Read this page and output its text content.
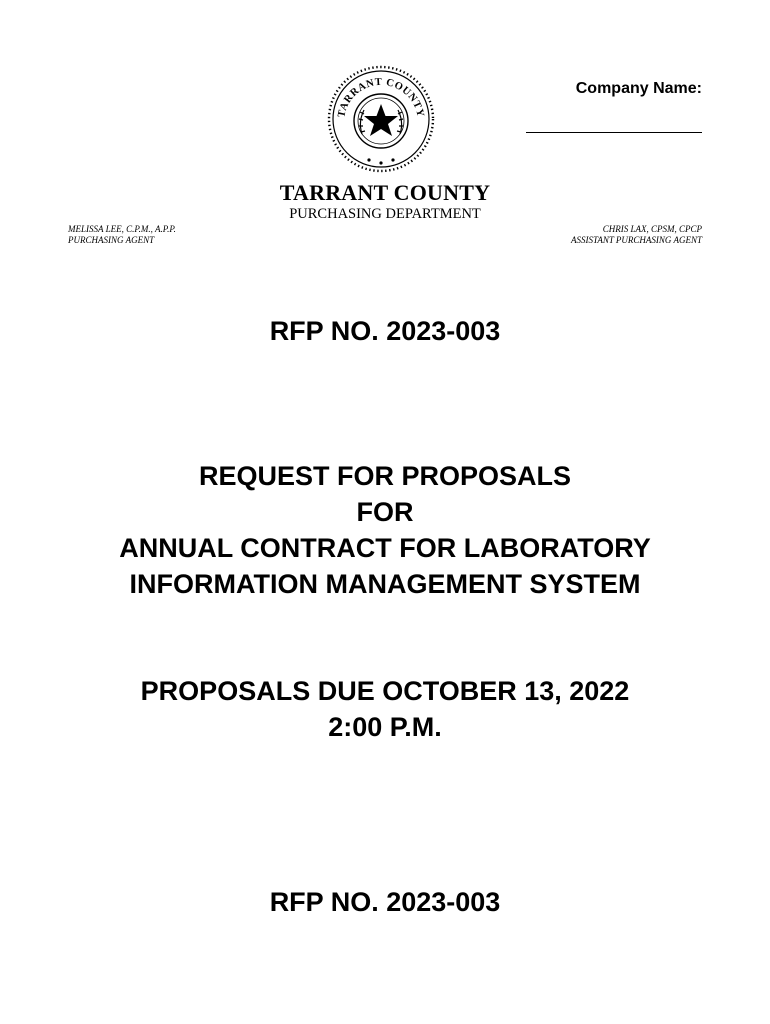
TARRANT COUNTY
Company Name:
TARRANT COUNTY
PURCHASING DEPARTMENT
MELISSA LEE, C.P.M., A.P.P.
PURCHASING AGENT
CHRIS LAX, CPSM, CPCP
ASSISTANT PURCHASING AGENT
RFP NO. 2023-003
REQUEST FOR PROPOSALS
FOR
ANNUAL CONTRACT FOR LABORATORY
INFORMATION MANAGEMENT SYSTEM
PROPOSALS DUE OCTOBER 13, 2022
2:00 P.M.
RFP NO. 2023-003
